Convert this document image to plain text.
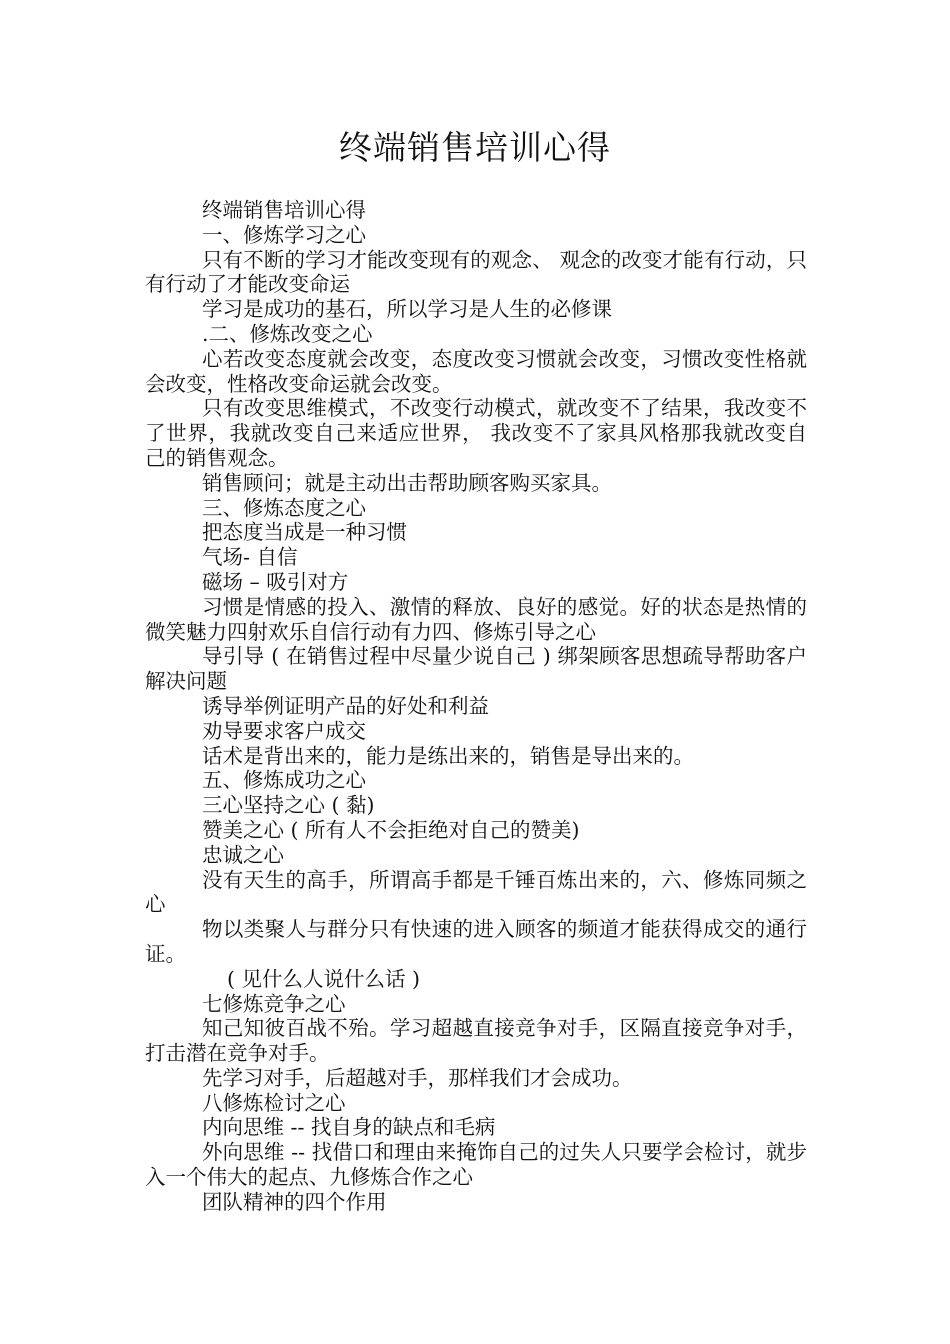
终端销售培训心得

终端销售培训心得

一、修炼学习之心

只有不断的学习才能改变现有的观念、 观念的改变才能有行动，只有行动了才能改变命运

学习是成功的基石，所以学习是人生的必修课

.二、修炼改变之心

心若改变态度就会改变，态度改变习惯就会改变，习惯改变性格就会改变，性格改变命运就会改变。

只有改变思维模式，不改变行动模式，就改变不了结果，我改变不了世界，我就改变自己来适应世界， 我改变不了家具风格那我就改变自己的销售观念。

销售顾问；就是主动出击帮助顾客购买家具。

三、修炼态度之心

把态度当成是一种习惯

气场- 自信

磁场 – 吸引对方

习惯是情感的投入、激情的释放、良好的感觉。好的状态是热情的微笑魅力四射欢乐自信行动有力四、修炼引导之心

导引导 ( 在销售过程中尽量少说自己 ) 绑架顾客思想疏导帮助客户解决问题

诱导举例证明产品的好处和利益

劝导要求客户成交

话术是背出来的，能力是练出来的，销售是导出来的。

五、修炼成功之心

三心坚持之心 ( 黏)

赞美之心 ( 所有人不会拒绝对自己的赞美)

忠诚之心

没有天生的高手，所谓高手都是千锤百炼出来的，六、修炼同频之心

物以类聚人与群分只有快速的进入顾客的频道才能获得成交的通行证。

( 见什么人说什么话 )

七修炼竞争之心

知己知彼百战不殆。学习超越直接竞争对手，区隔直接竞争对手，打击潜在竞争对手。

先学习对手，后超越对手，那样我们才会成功。

八修炼检讨之心

内向思维 -- 找自身的缺点和毛病

外向思维 -- 找借口和理由来掩饰自己的过失人只要学会检讨，就步入一个伟大的起点、九修炼合作之心

团队精神的四个作用
